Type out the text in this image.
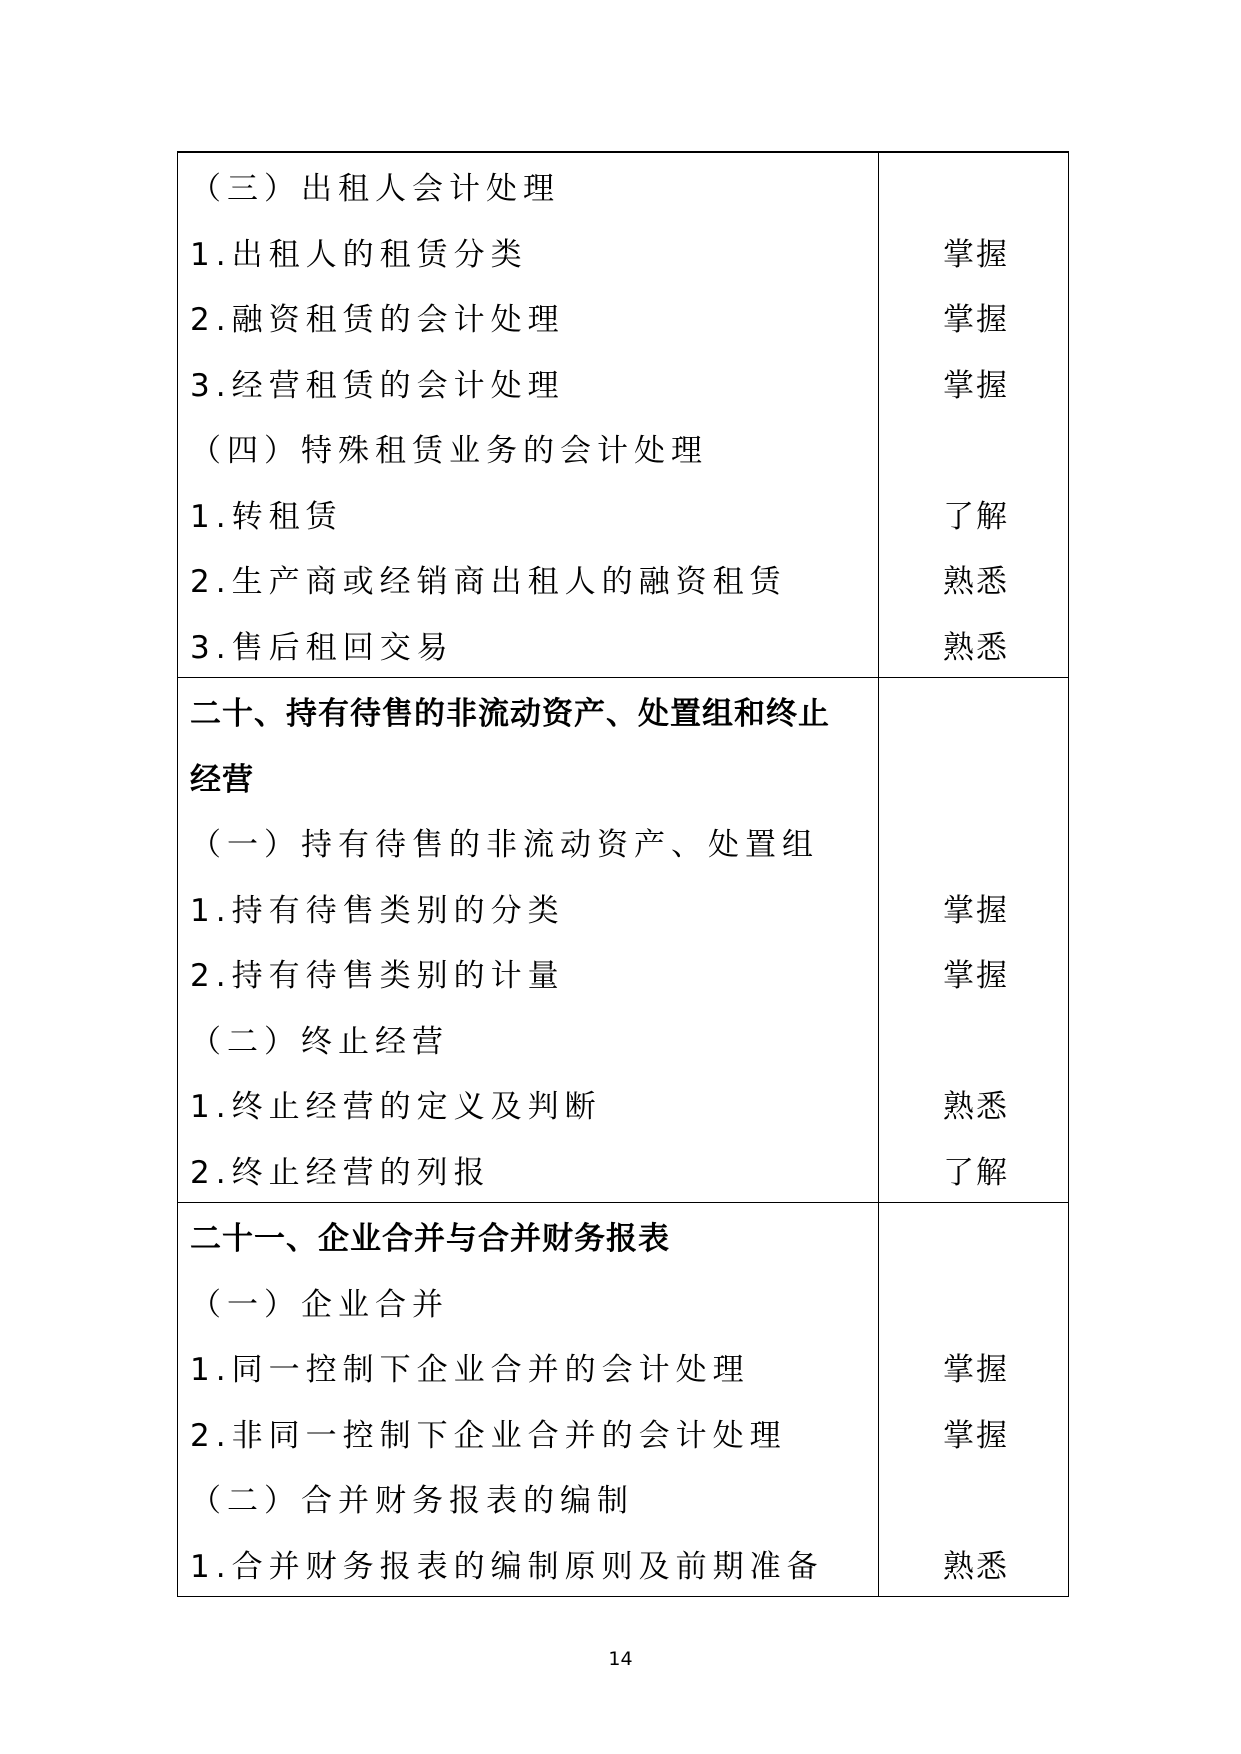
（三）出租人会计处理
1.出租人的租赁分类	掌握
2.融资租赁的会计处理	掌握
3.经营租赁的会计处理	掌握
（四）特殊租赁业务的会计处理
1.转租赁	了解
2.生产商或经销商出租人的融资租赁	熟悉
3.售后租回交易	熟悉
二十、持有待售的非流动资产、处置组和终止
经营
（一）持有待售的非流动资产、处置组
1.持有待售类别的分类	掌握
2.持有待售类别的计量	掌握
（二）终止经营
1.终止经营的定义及判断	熟悉
2.终止经营的列报	了解
二十一、企业合并与合并财务报表
（一）企业合并
1.同一控制下企业合并的会计处理	掌握
2.非同一控制下企业合并的会计处理	掌握
（二）合并财务报表的编制
1.合并财务报表的编制原则及前期准备	熟悉
14
